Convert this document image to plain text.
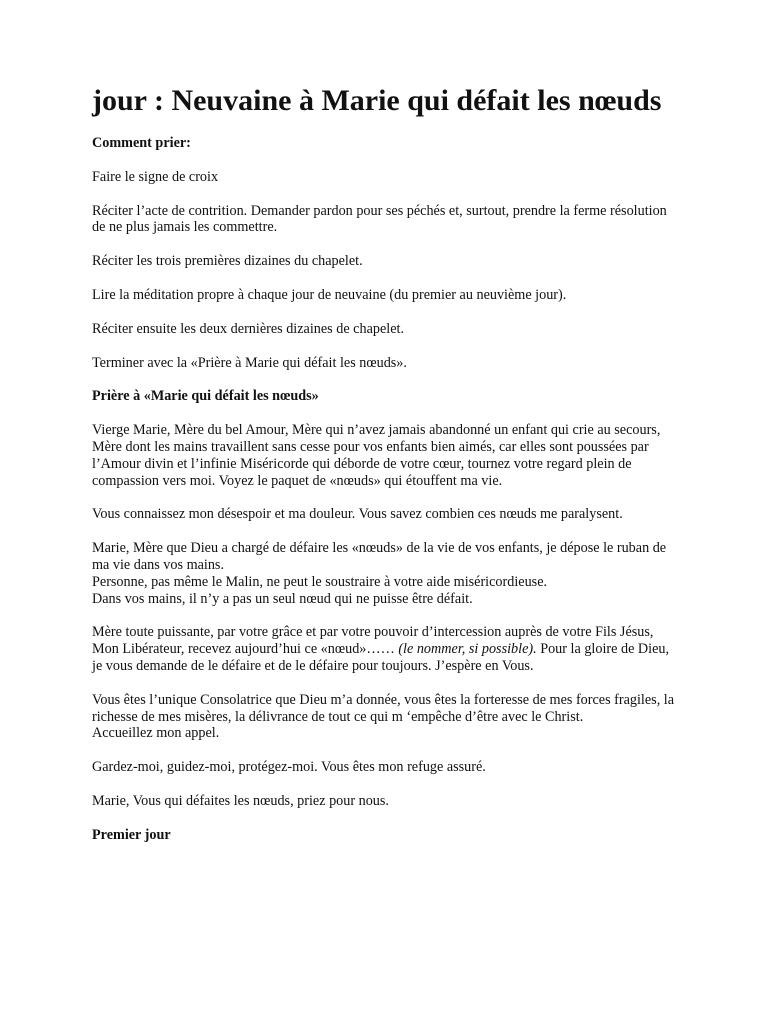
jour : Neuvaine à Marie qui défait les nœuds

Comment prier:

Faire le signe de croix

Réciter l’acte de contrition. Demander pardon pour ses péchés et, surtout, prendre la ferme résolution de ne plus jamais les commettre.

Réciter les trois premières dizaines du chapelet.

Lire la méditation propre à chaque jour de neuvaine (du premier au neuvième jour).

Réciter ensuite les deux dernières dizaines de chapelet.

Terminer avec la «Prière à Marie qui défait les nœuds».

Prière à «Marie qui défait les nœuds»

Vierge Marie, Mère du bel Amour, Mère qui n’avez jamais abandonné un enfant qui crie au secours, Mère dont les mains travaillent sans cesse pour vos enfants bien aimés, car elles sont poussées par l’Amour divin et l’infinie Miséricorde qui déborde de votre cœur, tournez votre regard plein de compassion vers moi. Voyez le paquet de «nœuds» qui étouffent ma vie.

Vous connaissez mon désespoir et ma douleur. Vous savez combien ces nœuds me paralysent.

Marie, Mère que Dieu a chargé de défaire les «nœuds» de la vie de vos enfants, je dépose le ruban de ma vie dans vos mains.
Personne, pas même le Malin, ne peut le soustraire à votre aide miséricordieuse.
Dans vos mains, il n’y a pas un seul nœud qui ne puisse être défait.

Mère toute puissante, par votre grâce et par votre pouvoir d’intercession auprès de votre Fils Jésus, Mon Libérateur, recevez aujourd’hui ce «nœud»…… (le nommer, si possible). Pour la gloire de Dieu, je vous demande de le défaire et de le défaire pour toujours. J’espère en Vous.

Vous êtes l’unique Consolatrice que Dieu m’a donnée, vous êtes la forteresse de mes forces fragiles, la richesse de mes misères, la délivrance de tout ce qui m ‘empêche d’être avec le Christ.
Accueillez mon appel.

Gardez-moi, guidez-moi, protégez-moi. Vous êtes mon refuge assuré.

Marie, Vous qui défaites les nœuds, priez pour nous.

Premier jour
